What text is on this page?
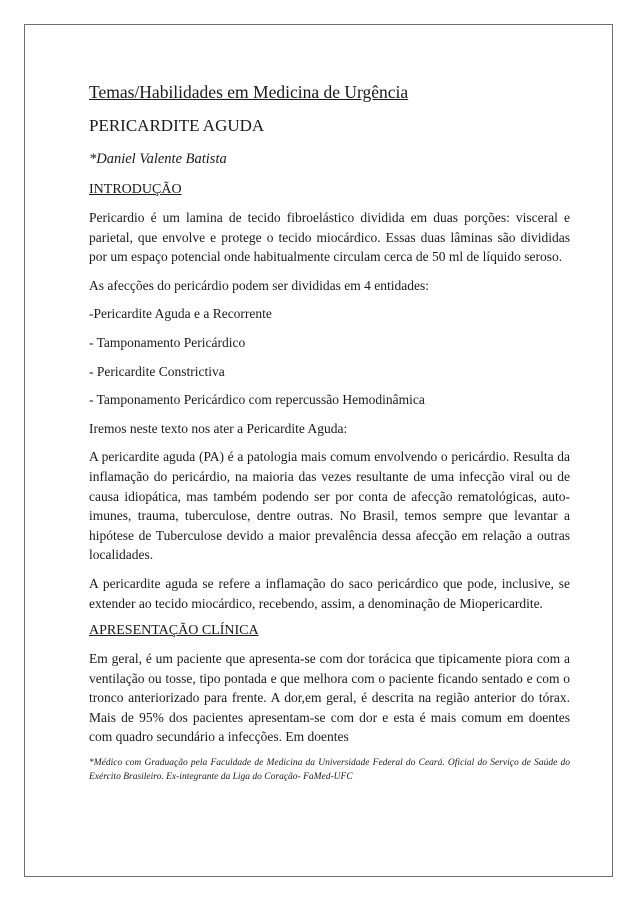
Temas/Habilidades em Medicina de Urgência
PERICARDITE AGUDA
*Daniel Valente Batista
INTRODUÇÃO

Pericardio é um lamina de tecido fibroelástico dividida em duas porções: visceral e parietal, que envolve e protege o tecido miocárdico. Essas duas lâminas são divididas por um espaço potencial onde habitualmente circulam cerca de 50 ml de líquido seroso.

As afecções do pericárdio podem ser divididas em 4 entidades:

-Pericardite Aguda e a Recorrente

- Tamponamento Pericárdico

- Pericardite Constrictiva

- Tamponamento Pericárdico com repercussão Hemodinâmica

Iremos neste texto nos ater a Pericardite Aguda:

A pericardite aguda (PA) é a patologia mais comum envolvendo o pericárdio. Resulta da inflamação do pericárdio, na maioria das vezes resultante de uma infecção viral ou de causa idiopática, mas também podendo ser por conta de afecção rematológicas, auto-imunes, trauma, tuberculose, dentre outras. No Brasil, temos sempre que levantar a hipótese de Tuberculose devido a maior prevalência dessa afecção em relação a outras localidades.

A pericardite aguda se refere a inflamação do saco pericárdico que pode, inclusive, se extender ao tecido miocárdico, recebendo, assim, a denominação de Miopericardite.

APRESENTAÇÃO CLÍNICA

Em geral, é um paciente que apresenta-se com dor torácica que tipicamente piora com a ventilação ou tosse, tipo pontada e que melhora com o paciente ficando sentado e com o tronco anteriorizado para frente. A dor,em geral, é descrita na região anterior do tórax. Mais de 95% dos pacientes apresentam-se com dor e esta é mais comum em doentes com quadro secundário a infecções. Em doentes

*Médico com Graduação pela Faculdade de Medicina da Universidade Federal do Ceará. Oficial do Serviço de Saúde do Exército Brasileiro. Ex-integrante da Liga do Coração- FaMed-UFC
